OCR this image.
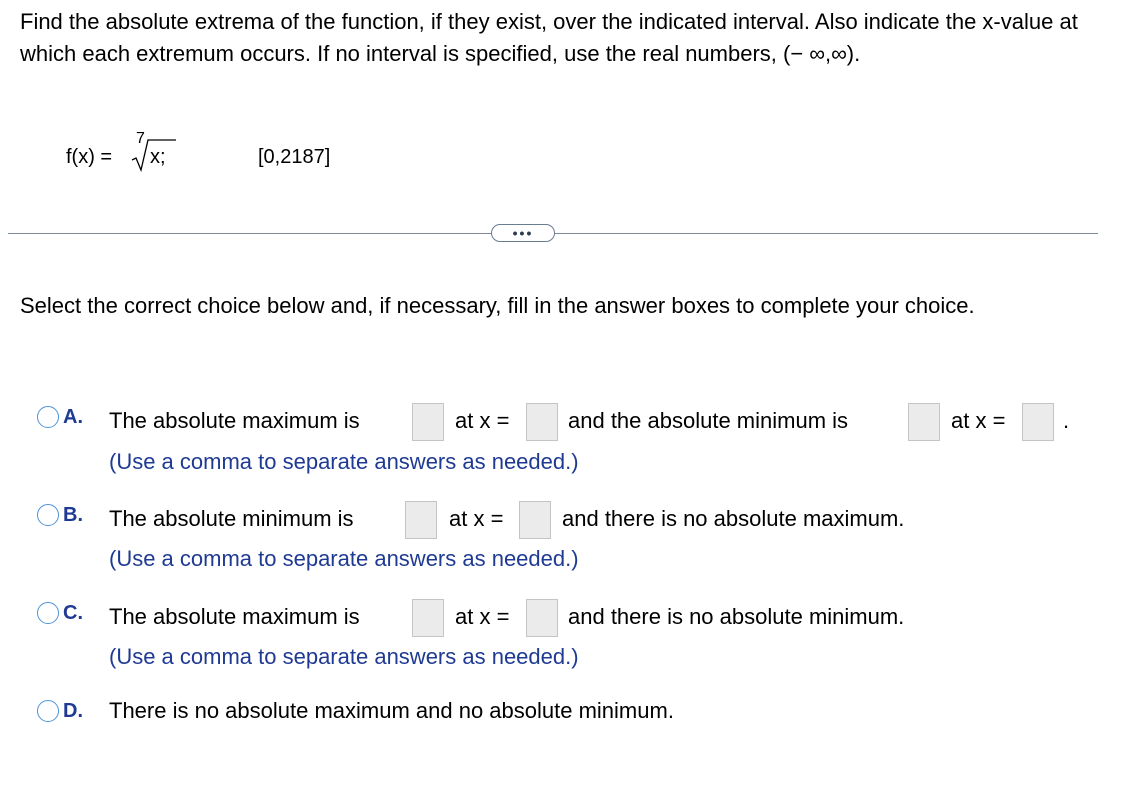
Find the absolute extrema of the function, if they exist, over the indicated interval. Also indicate the x-value at which each extremum occurs. If no interval is specified, use the real numbers, (− ∞,∞).
f(x) =
7
x;	[0,2187]
•••
Select the correct choice below and, if necessary, fill in the answer boxes to complete your choice.
A. The absolute maximum is	at x =	and the absolute minimum is	at x =	.
(Use a comma to separate answers as needed.)
B. The absolute minimum is	at x =	and there is no absolute maximum.
(Use a comma to separate answers as needed.)
C. The absolute maximum is	at x =	and there is no absolute minimum.
(Use a comma to separate answers as needed.)
D. There is no absolute maximum and no absolute minimum.
